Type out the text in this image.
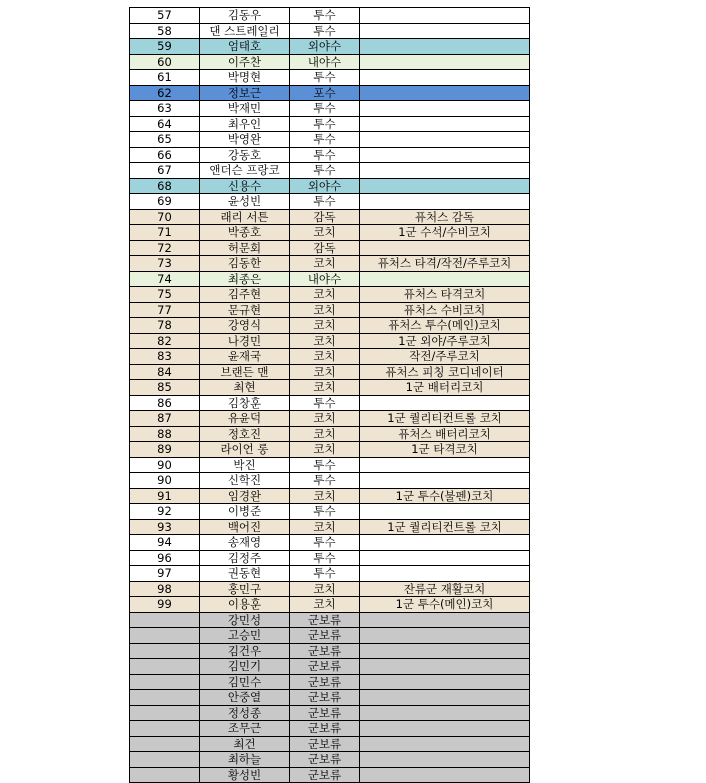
57	김동우	투수	
58	댄 스트레일리	투수	
59	엄태호	외야수	
60	이주찬	내야수	
61	박명현	투수	
62	정보근	포수	
63	박재민	투수	
64	최우인	투수	
65	박영완	투수	
66	강동호	투수	
67	앤더슨 프랑코	투수	
68	신용수	외야수	
69	윤성빈	투수	
70	래리 서튼	감독	퓨처스 감독
71	박종호	코치	1군 수석/수비코치
72	허문회	감독	
73	김동한	코치	퓨처스 타격/작전/주루코치
74	최종은	내야수	
75	김주현	코치	퓨처스 타격코치
77	문규현	코치	퓨처스 수비코치
78	강영식	코치	퓨처스 투수(메인)코치
82	나경민	코치	1군 외야/주루코치
83	윤재국	코치	작전/주루코치
84	브랜든 맨	코치	퓨처스 피칭 코디네이터
85	최현	코치	1군 배터리코치
86	김창훈	투수	
87	유윤덕	코치	1군 퀄리티컨트롤 코치
88	정호진	코치	퓨처스 배터리코치
89	라이언 롱	코치	1군 타격코치
90	박진	투수	
90	신학진	투수	
91	임경완	코치	1군 투수(불펜)코치
92	이병준	투수	
93	백어진	코치	1군 퀄리티컨트롤 코치
94	송재영	투수	
96	김정주	투수	
97	권동현	투수	
98	홍민구	코치	잔류군 재활코치
99	이용훈	코치	1군 투수(메인)코치
	강민성	군보류	
	고승민	군보류	
	김건우	군보류	
	김민기	군보류	
	김민수	군보류	
	안중열	군보류	
	정성종	군보류	
	조무근	군보류	
	최건	군보류	
	최하늘	군보류	
	황성빈	군보류	
